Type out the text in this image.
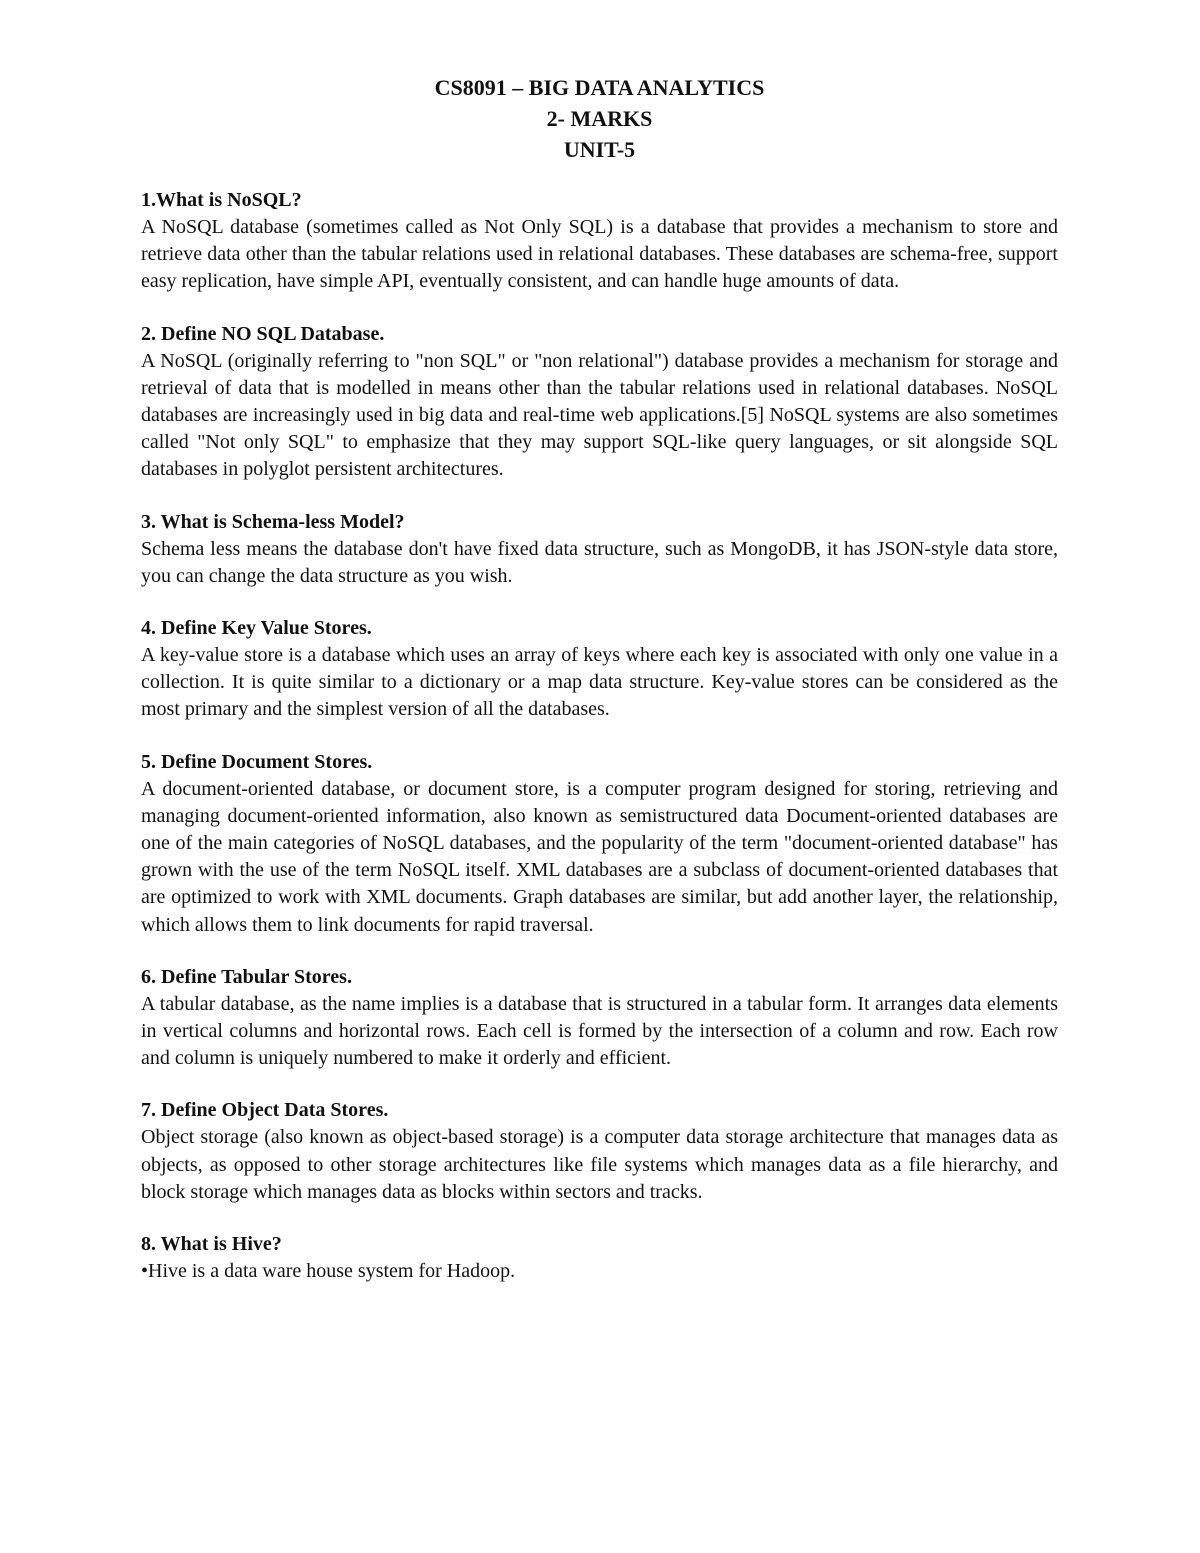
CS8091 – BIG DATA ANALYTICS

2- MARKS

UNIT-5

1.What is NoSQL?

A NoSQL database (sometimes called as Not Only SQL) is a database that provides a mechanism to store and retrieve data other than the tabular relations used in relational databases. These databases are schema-free, support easy replication, have simple API, eventually consistent, and can handle huge amounts of data.

2. Define NO SQL Database.

A NoSQL (originally referring to "non SQL" or "non relational") database provides a mechanism for storage and retrieval of data that is modelled in means other than the tabular relations used in relational databases. NoSQL databases are increasingly used in big data and real-time web applications.[5] NoSQL systems are also sometimes called "Not only SQL" to emphasize that they may support SQL-like query languages, or sit alongside SQL databases in polyglot persistent architectures.

3. What is Schema-less Model?

Schema less means the database don't have fixed data structure, such as MongoDB, it has JSON-style data store, you can change the data structure as you wish.

4. Define Key Value Stores.

A key-value store is a database which uses an array of keys where each key is associated with only one value in a collection. It is quite similar to a dictionary or a map data structure. Key-value stores can be considered as the most primary and the simplest version of all the databases.

5. Define Document Stores.

A document-oriented database, or document store, is a computer program designed for storing, retrieving and managing document-oriented information, also known as semistructured data Document-oriented databases are one of the main categories of NoSQL databases, and the popularity of the term "document-oriented database" has grown with the use of the term NoSQL itself. XML databases are a subclass of document-oriented databases that are optimized to work with XML documents. Graph databases are similar, but add another layer, the relationship, which allows them to link documents for rapid traversal.

6. Define Tabular Stores.

A tabular database, as the name implies is a database that is structured in a tabular form. It arranges data elements in vertical columns and horizontal rows. Each cell is formed by the intersection of a column and row. Each row and column is uniquely numbered to make it orderly and efficient.

7. Define Object Data Stores.

Object storage (also known as object-based storage) is a computer data storage architecture that manages data as objects, as opposed to other storage architectures like file systems which manages data as a file hierarchy, and block storage which manages data as blocks within sectors and tracks.

8. What is Hive?

•Hive is a data ware house system for Hadoop.
